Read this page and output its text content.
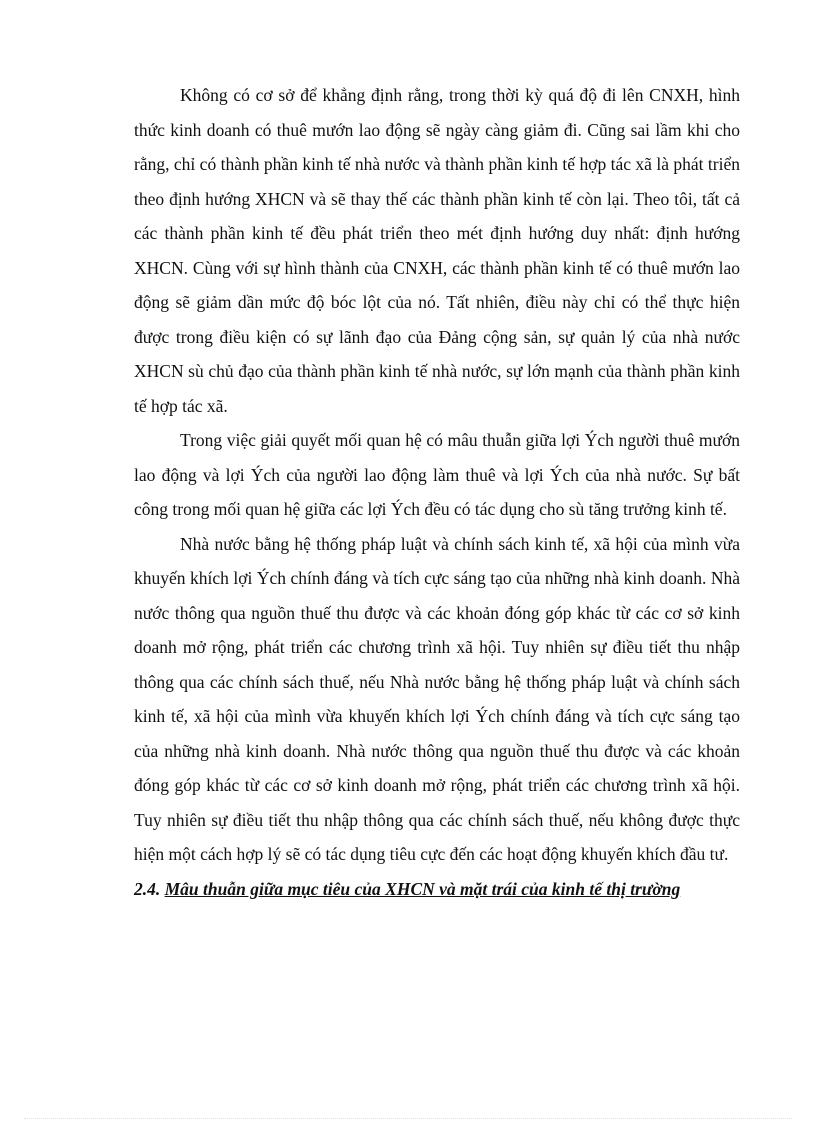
Không có cơ sở để khẳng định rằng, trong thời kỳ quá độ đi lên CNXH, hình thức kinh doanh có thuê mướn lao động sẽ ngày càng giảm đi. Cũng sai lầm khi cho rằng, chỉ có thành phần kinh tế nhà nước và thành phần kinh tế hợp tác xã là phát triển theo định hướng XHCN và sẽ thay thế các thành phần kinh tế còn lại. Theo tôi, tất cả các thành phần kinh tế đều phát triển theo mét định hướng duy nhất: định hướng XHCN. Cùng với sự hình thành của CNXH, các thành phần kinh tế có thuê mướn lao động sẽ giảm dần mức độ bóc lột của nó. Tất nhiên, điều này chỉ có thể thực hiện được trong điều kiện có sự lãnh đạo của Đảng cộng sản, sự quản lý của nhà nước XHCN sù chủ đạo của thành phần kinh tế nhà nước, sự lớn mạnh của thành phần kinh tế hợp tác xã.

Trong việc giải quyết mối quan hệ có mâu thuẫn giữa lợi Ých người thuê mướn lao động và lợi Ých của người lao động làm thuê và lợi Ých của nhà nước. Sự bất công trong mối quan hệ giữa các lợi Ých đều có tác dụng cho sù tăng trưởng kinh tế.

Nhà nước bằng hệ thống pháp luật và chính sách kinh tế, xã hội của mình vừa khuyến khích lợi Ých chính đáng và tích cực sáng tạo của những nhà kinh doanh. Nhà nước thông qua nguồn thuế thu được và các khoản đóng góp khác từ các cơ sở kinh doanh mở rộng, phát triển các chương trình xã hội. Tuy nhiên sự điều tiết thu nhập thông qua các chính sách thuế, nếu Nhà nước bằng hệ thống pháp luật và chính sách kinh tế, xã hội của mình vừa khuyến khích lợi Ých chính đáng và tích cực sáng tạo của những nhà kinh doanh. Nhà nước thông qua nguồn thuế thu được và các khoản đóng góp khác từ các cơ sở kinh doanh mở rộng, phát triển các chương trình xã hội. Tuy nhiên sự điều tiết thu nhập thông qua các chính sách thuế, nếu không được thực hiện một cách hợp lý sẽ có tác dụng tiêu cực đến các hoạt động khuyến khích đầu tư.

2.4. Mâu thuẫn giữa mục tiêu của XHCN và mặt trái của kinh tế thị trường
